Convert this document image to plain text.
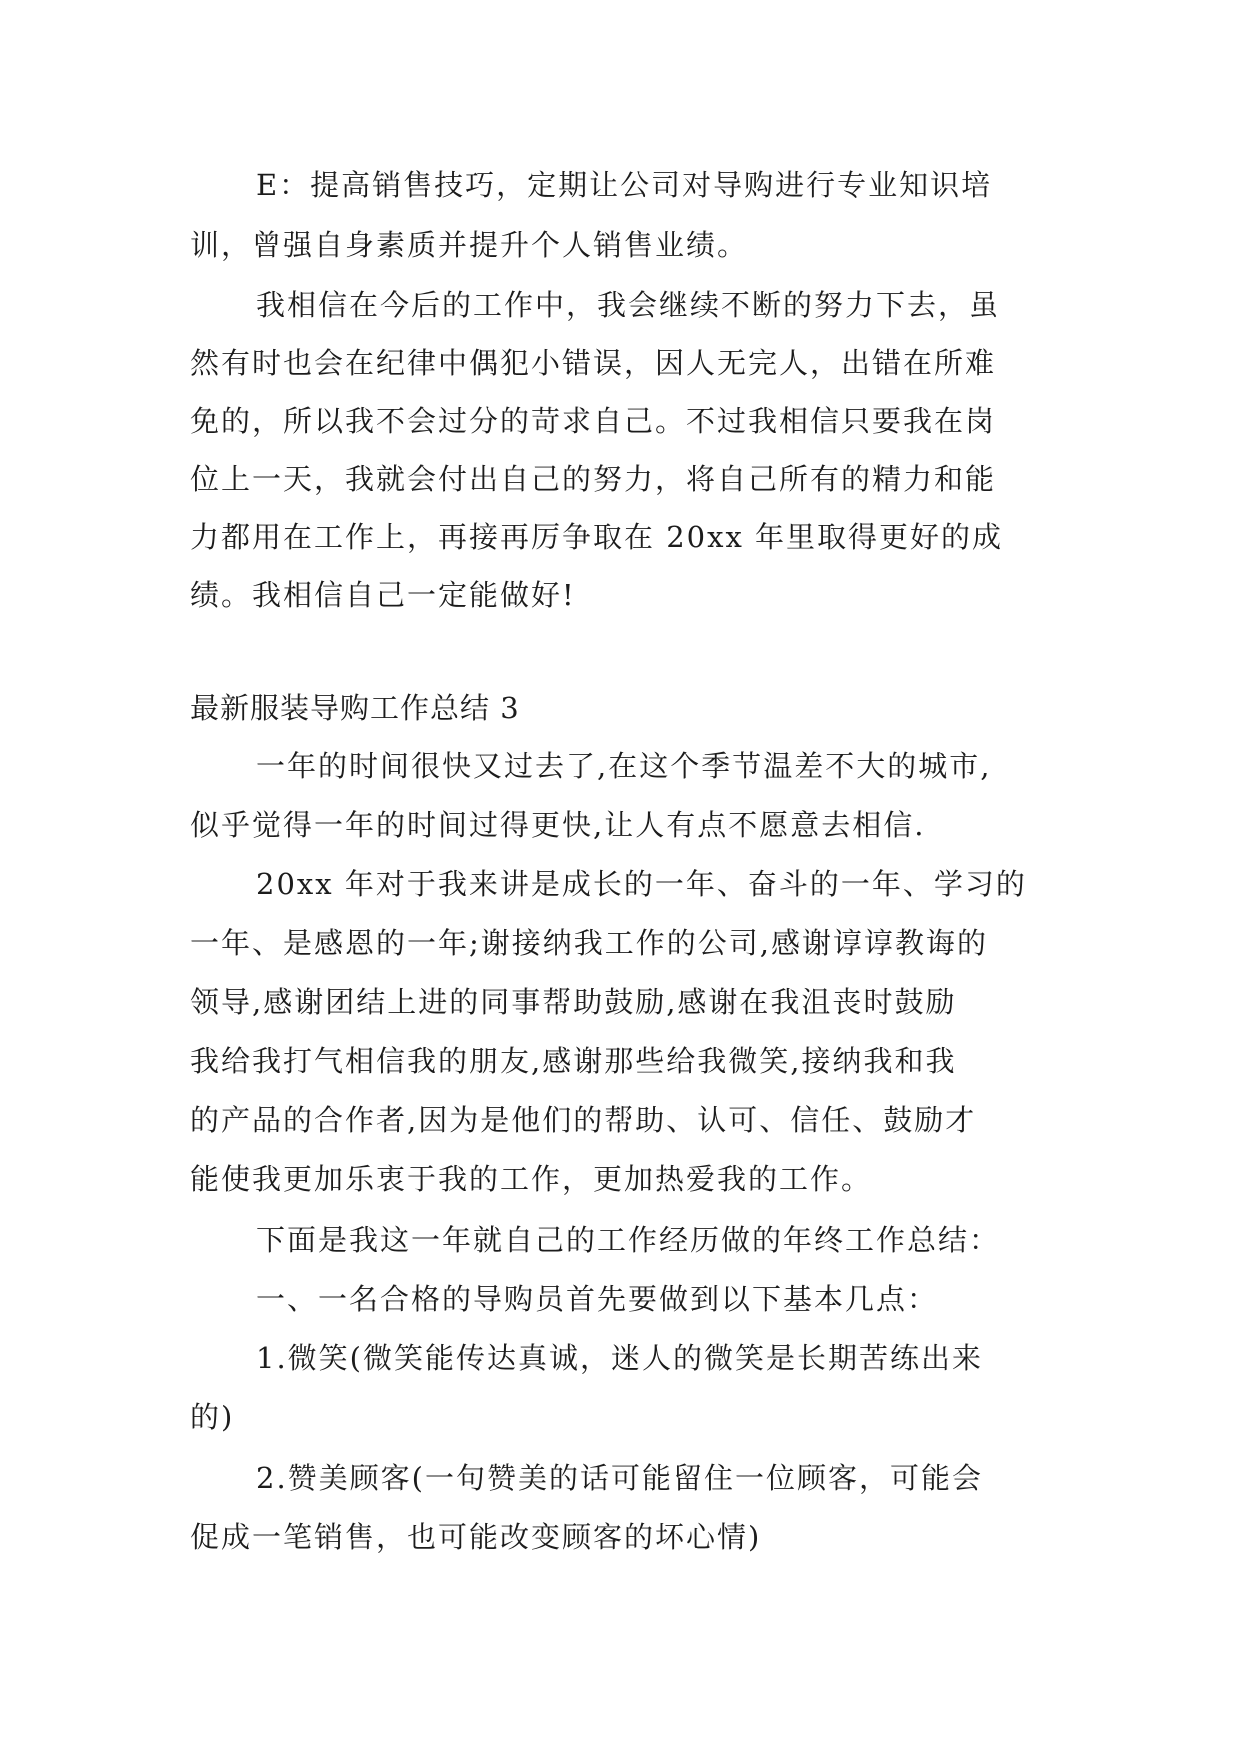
E：提高销售技巧，定期让公司对导购进行专业知识培
训，曾强自身素质并提升个人销售业绩。
我相信在今后的工作中，我会继续不断的努力下去，虽
然有时也会在纪律中偶犯小错误，因人无完人，出错在所难
免的，所以我不会过分的苛求自己。不过我相信只要我在岗
位上一天，我就会付出自己的努力，将自己所有的精力和能
力都用在工作上，再接再厉争取在 20xx 年里取得更好的成
绩。我相信自己一定能做好!
最新服装导购工作总结 3
一年的时间很快又过去了,在这个季节温差不大的城市,
似乎觉得一年的时间过得更快,让人有点不愿意去相信.
20xx 年对于我来讲是成长的一年、奋斗的一年、学习的
一年、是感恩的一年;谢接纳我工作的公司,感谢谆谆教诲的
领导,感谢团结上进的同事帮助鼓励,感谢在我沮丧时鼓励
我给我打气相信我的朋友,感谢那些给我微笑,接纳我和我
的产品的合作者,因为是他们的帮助、认可、信任、鼓励才
能使我更加乐衷于我的工作，更加热爱我的工作。
下面是我这一年就自己的工作经历做的年终工作总结：
一、一名合格的导购员首先要做到以下基本几点：
1.微笑(微笑能传达真诚，迷人的微笑是长期苦练出来
的)
2.赞美顾客(一句赞美的话可能留住一位顾客，可能会
促成一笔销售，也可能改变顾客的坏心情)
